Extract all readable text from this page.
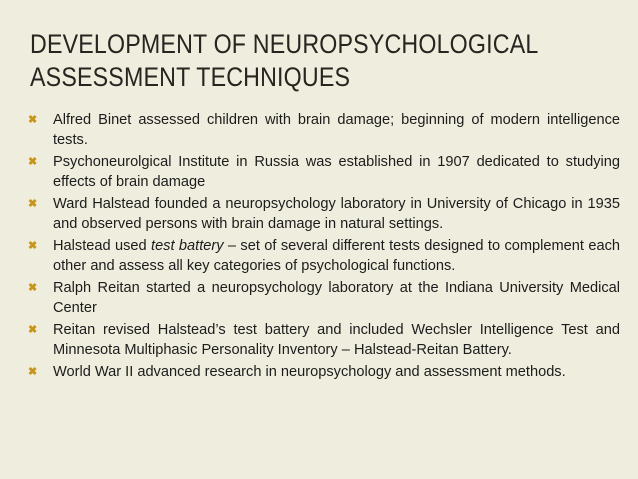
DEVELOPMENT OF NEUROPSYCHOLOGICAL
ASSESSMENT TECHNIQUES
✖ Alfred Binet assessed children with brain damage; beginning of modern intelligence tests.
✖ Psychoneurolgical Institute in Russia was established in 1907 dedicated to studying effects of brain damage
✖ Ward Halstead founded a neuropsychology laboratory in University of Chicago in 1935 and observed persons with brain damage in natural settings.
✖ Halstead used test battery – set of several different tests designed to complement each other and assess all key categories of psychological functions.
✖ Ralph Reitan started a neuropsychology laboratory at the Indiana University Medical Center
✖ Reitan revised Halstead’s test battery and included Wechsler Intelligence Test and Minnesota Multiphasic Personality Inventory – Halstead-Reitan Battery.
✖ World War II advanced research in neuropsychology and assessment methods.
